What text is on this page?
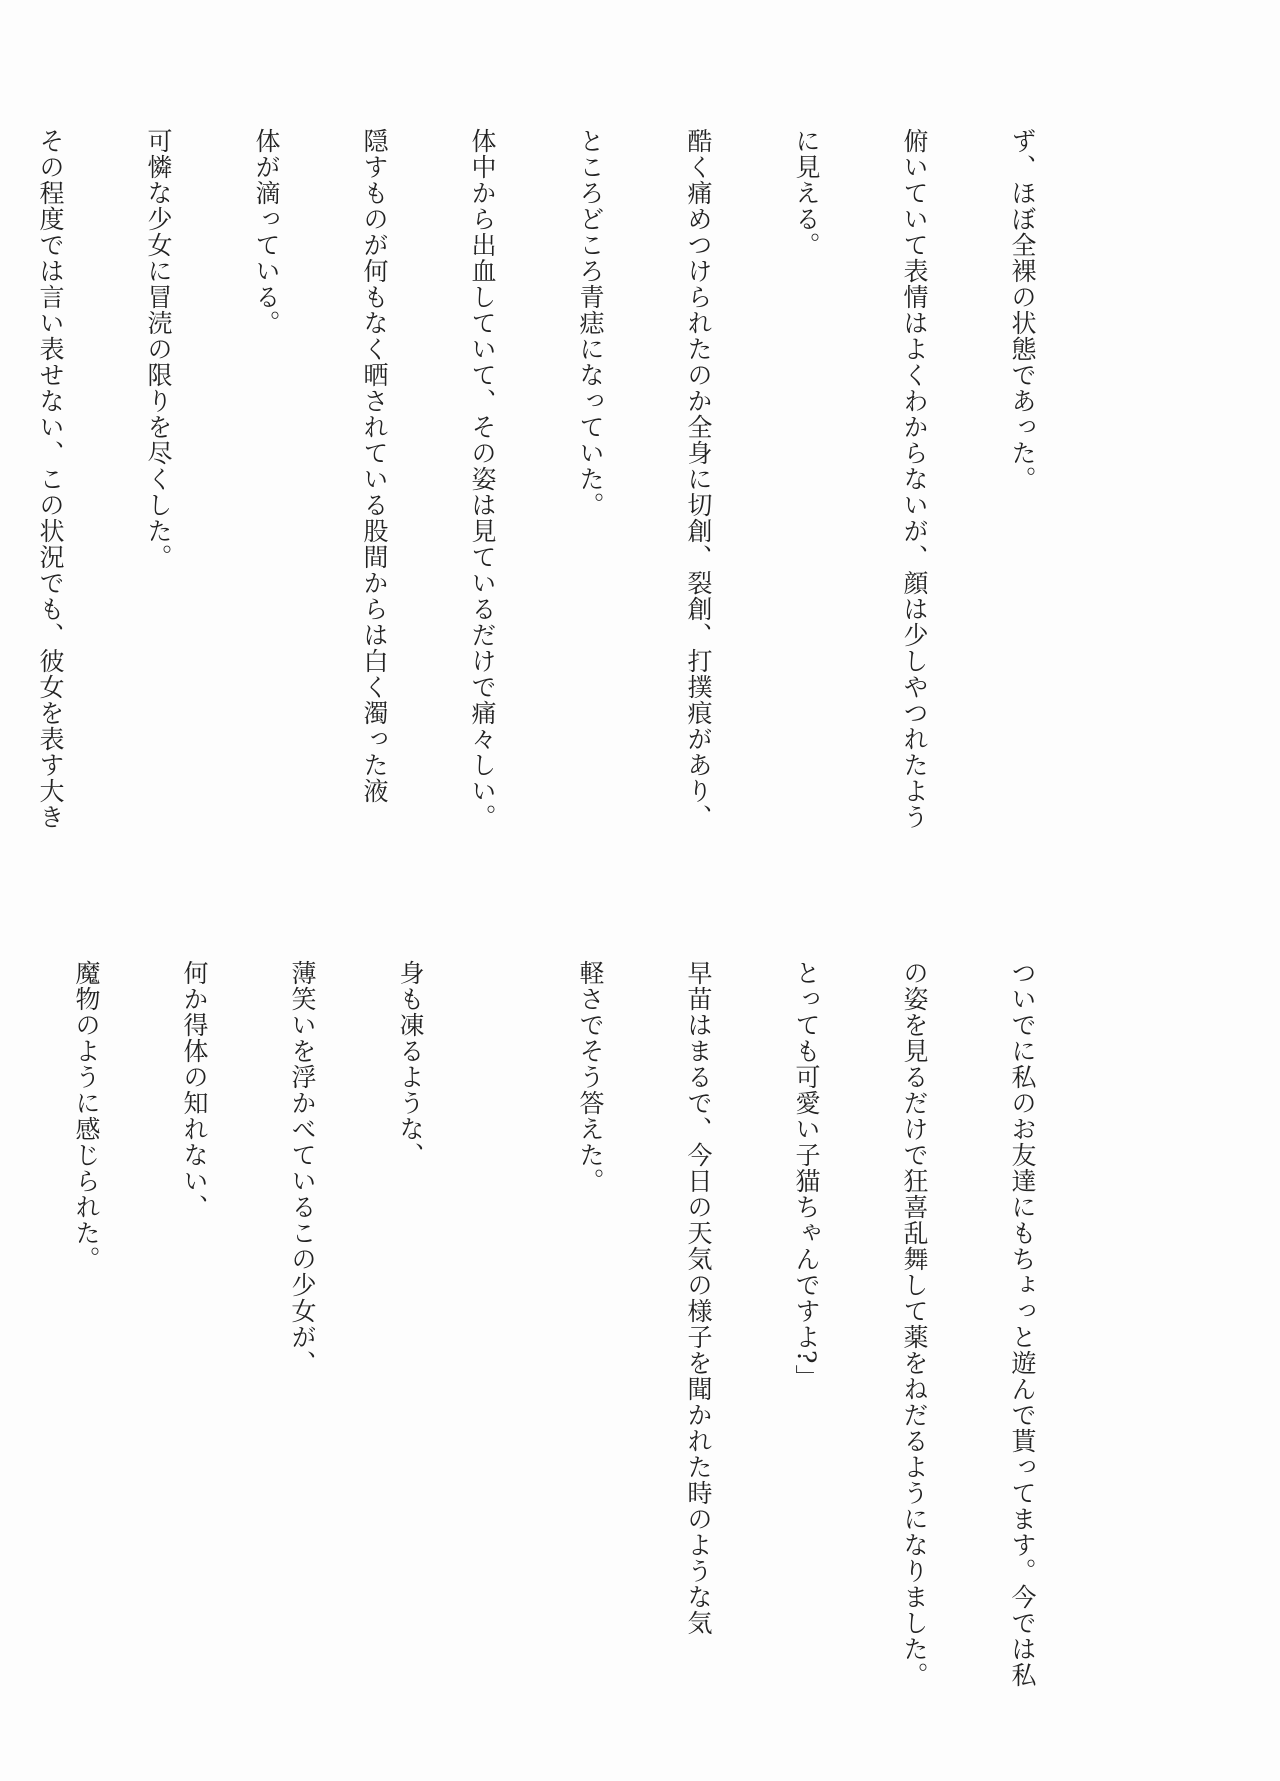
ず、ほぼ全裸の状態であった。

俯いていて表情はよくわからないが、顔は少しやつれたよう

に見える。

酷く痛めつけられたのか全身に切創、裂創、打撲痕があり、

ところどころ青痣になっていた。

体中から出血していて、その姿は見ているだけで痛々しい。

隠すものが何もなく晒されている股間からは白く濁った液

体が滴っている。

可憐な少女に冒涜の限りを尽くした。

その程度では言い表せない、この状況でも、彼女を表す大き

ついでに私のお友達にもちょっと遊んで貰ってます。今では私

の姿を見るだけで狂喜乱舞して薬をねだるようになりました。

とっても可愛い子猫ちゃんですよ?」

早苗はまるで、今日の天気の様子を聞かれた時のような気

軽さでそう答えた。

身も凍るような、

薄笑いを浮かべているこの少女が、

何か得体の知れない、

魔物のように感じられた。
